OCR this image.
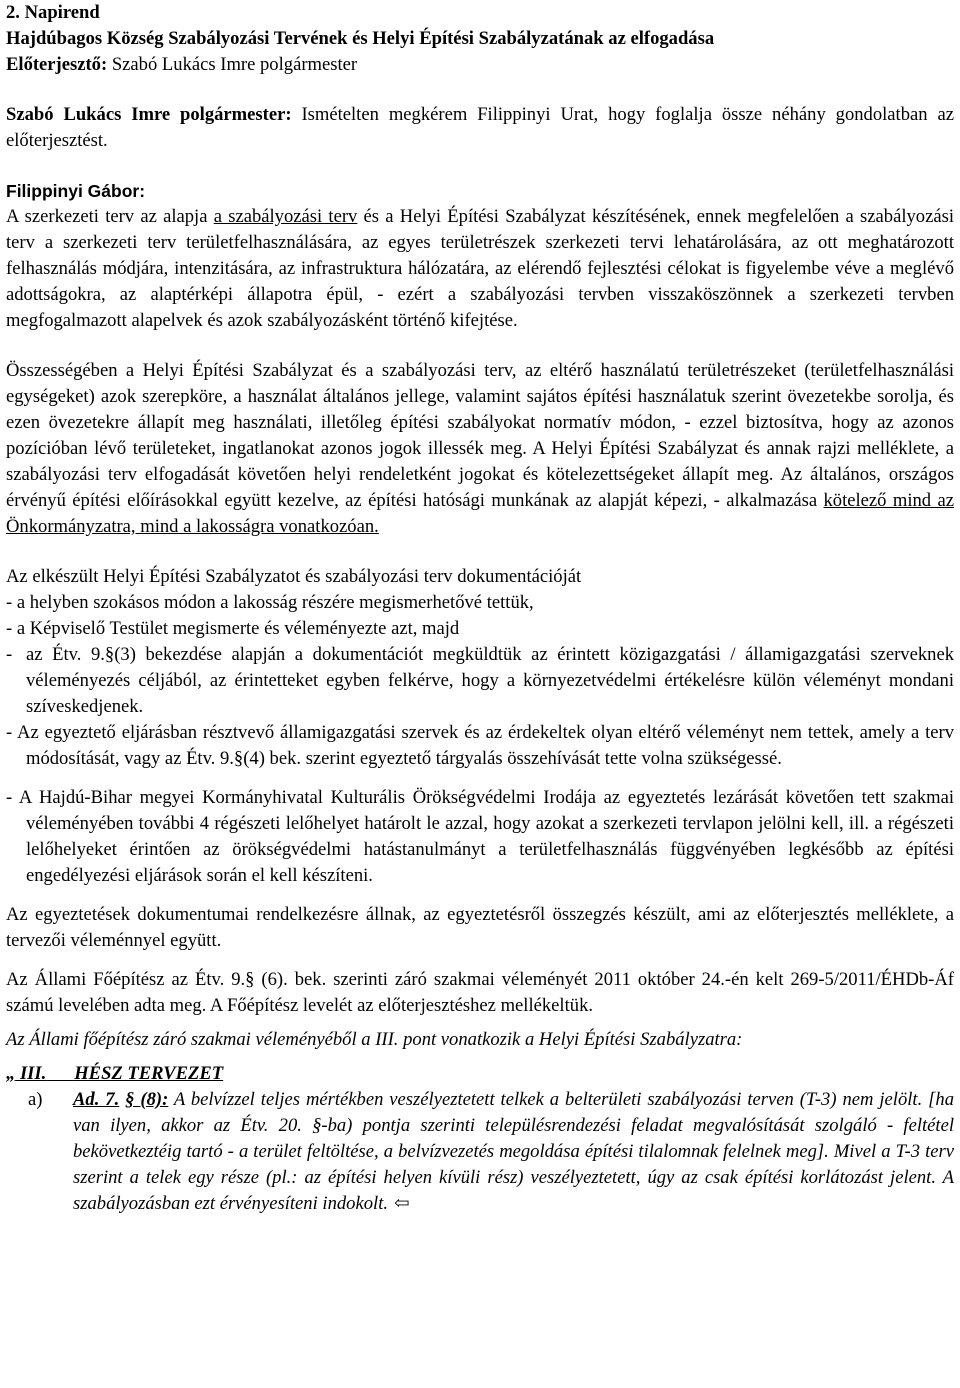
2. Napirend

Hajdúbagos Község Szabályozási Tervének és Helyi Építési Szabályzatának az elfogadása

Előterjesztő: Szabó Lukács Imre polgármester

Szabó Lukács Imre polgármester: Ismételten megkérem Filippinyi Urat, hogy foglalja össze néhány gondolatban az előterjesztést.

Filippinyi Gábor:

A szerkezeti terv az alapja a szabályozási terv és a Helyi Építési Szabályzat készítésének, ennek megfelelően a szabályozási terv a szerkezeti terv területfelhasználására, az egyes területrészek szerkezeti tervi lehatárolására, az ott meghatározott felhasználás módjára, intenzitására, az infrastruktura hálózatára, az elérendő fejlesztési célokat is figyelembe véve a meglévő adottságokra, az alaptérképi állapotra épül, - ezért a szabályozási tervben visszaköszönnek a szerkezeti tervben megfogalmazott alapelvek és azok szabályozásként történő kifejtése.

Összességében a Helyi Építési Szabályzat és a szabályozási terv, az eltérő használatú területrészeket (területfelhasználási egységeket) azok szerepköre, a használat általános jellege, valamint sajátos építési használatuk szerint övezetekbe sorolja, és ezen övezetekre állapít meg használati, illetőleg építési szabályokat normatív módon, - ezzel biztosítva, hogy az azonos pozícióban lévő területeket, ingatlanokat azonos jogok illessék meg. A Helyi Építési Szabályzat és annak rajzi melléklete, a szabályozási terv elfogadását követően helyi rendeletként jogokat és kötelezettségeket állapít meg. Az általános, országos érvényű építési előírásokkal együtt kezelve, az építési hatósági munkának az alapját képezi, - alkalmazása kötelező mind az Önkormányzatra, mind a lakosságra vonatkozóan.

Az elkészült Helyi Építési Szabályzatot és szabályozási terv dokumentációját

- a helyben szokásos módon a lakosság részére megismerhetővé tettük,

- a Képviselő Testület megismerte és véleményezte azt, majd

- az Étv. 9.§(3) bekezdése alapján a dokumentációt megküldtük az érintett közigazgatási / államigazgatási szerveknek véleményezés céljából, az érintetteket egyben felkérve, hogy a környezetvédelmi értékelésre külön véleményt mondani szíveskedjenek.

- Az egyeztető eljárásban résztvevő államigazgatási szervek és az érdekeltek olyan eltérő véleményt nem tettek, amely a terv módosítását, vagy az Étv. 9.§(4) bek. szerint egyeztető tárgyalás összehívását tette volna szükségessé.

- A Hajdú-Bihar megyei Kormányhivatal Kulturális Örökségvédelmi Irodája az egyeztetés lezárását követően tett szakmai véleményében további 4 régészeti lelőhelyet határolt le azzal, hogy azokat a szerkezeti tervlapon jelölni kell, ill. a régészeti lelőhelyeket érintően az örökségvédelmi hatástanulmányt a területfelhasználás függvényében legkésőbb az építési engedélyezési eljárások során el kell készíteni.

Az egyeztetések dokumentumai rendelkezésre állnak, az egyeztetésről összegzés készült, ami az előterjesztés melléklete, a tervezői véleménnyel együtt.

Az Állami Főépítész az Étv. 9.§ (6). bek. szerinti záró szakmai véleményét 2011 október 24.-én kelt 269-5/2011/ÉHDb-Áf számú levelében adta meg. A Főépítész levelét az előterjesztéshez mellékeltük.

Az Állami főépítész záró szakmai véleményéből a III. pont vonatkozik a Helyi Építési Szabályzatra:

„ III. HÉSZ TERVEZET

a)	Ad. 7. § (8): A belvízzel teljes mértékben veszélyeztetett telkek a belterületi szabályozási terven (T-3) nem jelölt. [ha van ilyen, akkor az Étv. 20. §-ba) pontja szerinti településrendezési feladat megvalósítását szolgáló - feltétel bekövetkeztéig tartó - a terület feltöltése, a belvízvezetés megoldása építési tilalomnak felelnek meg]. Mivel a T-3 terv szerint a telek egy része (pl.: az építési helyen kívüli rész) veszélyeztetett, úgy az csak építési korlátozást jelent. A szabályozásban ezt érvényesíteni indokolt. ⇦
